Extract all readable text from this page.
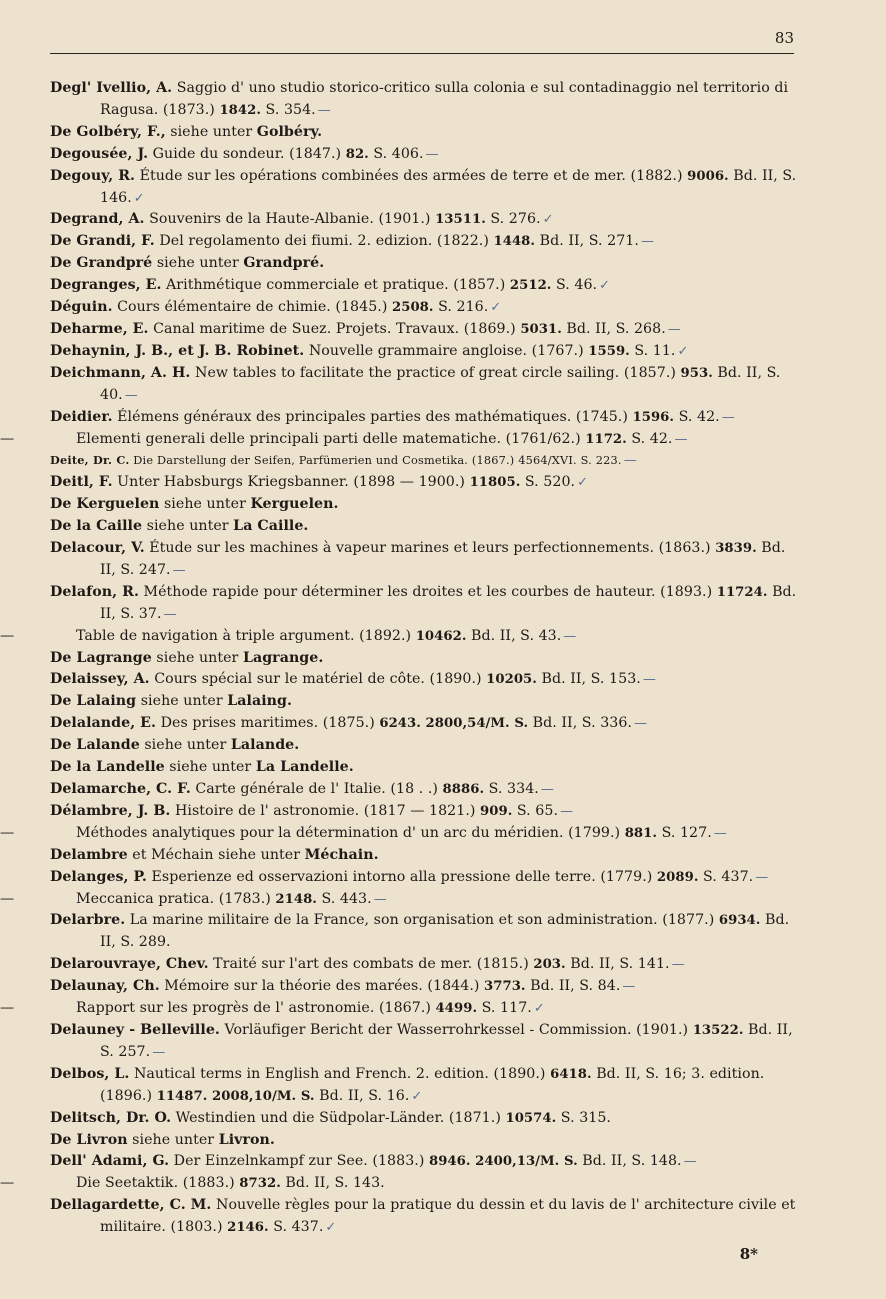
83

Degl' Ivellio, A. Saggio d' uno studio storico-critico sulla colonia e sul contadinaggio nel territorio di Ragusa. (1873.) 1842. S. 354. —

De Golbéry, F., siehe unter Golbéry.

Degousée, J. Guide du sondeur. (1847.) 82. S. 406. —

Degouy, R. Étude sur les opérations combinées des armées de terre et de mer. (1882.) 9006. Bd. II, S. 146. ✓

Degrand, A. Souvenirs de la Haute-Albanie. (1901.) 13511. S. 276. ✓

De Grandi, F. Del regolamento dei fiumi. 2. edizion. (1822.) 1448. Bd. II, S. 271. —

De Grandpré siehe unter Grandpré.

Degranges, E. Arithmétique commerciale et pratique. (1857.) 2512. S. 46. ✓

Déguin. Cours élémentaire de chimie. (1845.) 2508. S. 216. ✓

Deharme, E. Canal maritime de Suez. Projets. Travaux. (1869.) 5031. Bd. II, S. 268. —

Dehaynin, J. B., et J. B. Robinet. Nouvelle grammaire angloise. (1767.) 1559. S. 11. ✓

Deichmann, A. H. New tables to facilitate the practice of great circle sailing. (1857.) 953. Bd. II, S. 40. —

Deidier. Élémens généraux des principales parties des mathématiques. (1745.) 1596. S. 42. —

—	Elementi generali delle principali parti delle matematiche. (1761/62.) 1172. S. 42. —

Deite, Dr. C. Die Darstellung der Seifen, Parfümerien und Cosmetika. (1867.) 4564/XVI. S. 223. —

Deitl, F. Unter Habsburgs Kriegsbanner. (1898 — 1900.) 11805. S. 520. ✓

De Kerguelen siehe unter Kerguelen.

De la Caille siehe unter La Caille.

Delacour, V. Étude sur les machines à vapeur marines et leurs perfectionnements. (1863.) 3839. Bd. II, S. 247. —

Delafon, R. Méthode rapide pour déterminer les droites et les courbes de hauteur. (1893.) 11724. Bd. II, S. 37. —

—	Table de navigation à triple argument. (1892.) 10462. Bd. II, S. 43. —

De Lagrange siehe unter Lagrange.

Delaissey, A. Cours spécial sur le matériel de côte. (1890.) 10205. Bd. II, S. 153. —

De Lalaing siehe unter Lalaing.

Delalande, E. Des prises maritimes. (1875.) 6243. 2800,54/M. S. Bd. II, S. 336. —

De Lalande siehe unter Lalande.

De la Landelle siehe unter La Landelle.

Delamarche, C. F. Carte générale de l' Italie. (18 . .) 8886. S. 334. —

Délambre, J. B. Histoire de l' astronomie. (1817 — 1821.) 909. S. 65. —

—	Méthodes analytiques pour la détermination d' un arc du méridien. (1799.) 881. S. 127. —

Delambre et Méchain siehe unter Méchain.

Delanges, P. Esperienze ed osservazioni intorno alla pressione delle terre. (1779.) 2089. S. 437. —

—	Meccanica pratica. (1783.) 2148. S. 443. —

Delarbre. La marine militaire de la France, son organisation et son administration. (1877.) 6934. Bd. II, S. 289.

Delarouvraye, Chev. Traité sur l'art des combats de mer. (1815.) 203. Bd. II, S. 141. —

Delaunay, Ch. Mémoire sur la théorie des marées. (1844.) 3773. Bd. II, S. 84. —

—	Rapport sur les progrès de l' astronomie. (1867.) 4499. S. 117. ✓

Delauney - Belleville. Vorläufiger Bericht der Wasserrohrkessel - Commission. (1901.) 13522. Bd. II, S. 257. —

Delbos, L. Nautical terms in English and French. 2. edition. (1890.) 6418. Bd. II, S. 16; 3. edition. (1896.) 11487. 2008,10/M. S. Bd. II, S. 16. ✓

Delitsch, Dr. O. Westindien und die Südpolar-Länder. (1871.) 10574. S. 315.

De Livron siehe unter Livron.

Dell' Adami, G. Der Einzelnkampf zur See. (1883.) 8946. 2400,13/M. S. Bd. II, S. 148. —

—	Die Seetaktik. (1883.) 8732. Bd. II, S. 143.

Dellagardette, C. M. Nouvelle règles pour la pratique du dessin et du lavis de l' architecture civile et militaire. (1803.) 2146. S. 437. ✓

8*
